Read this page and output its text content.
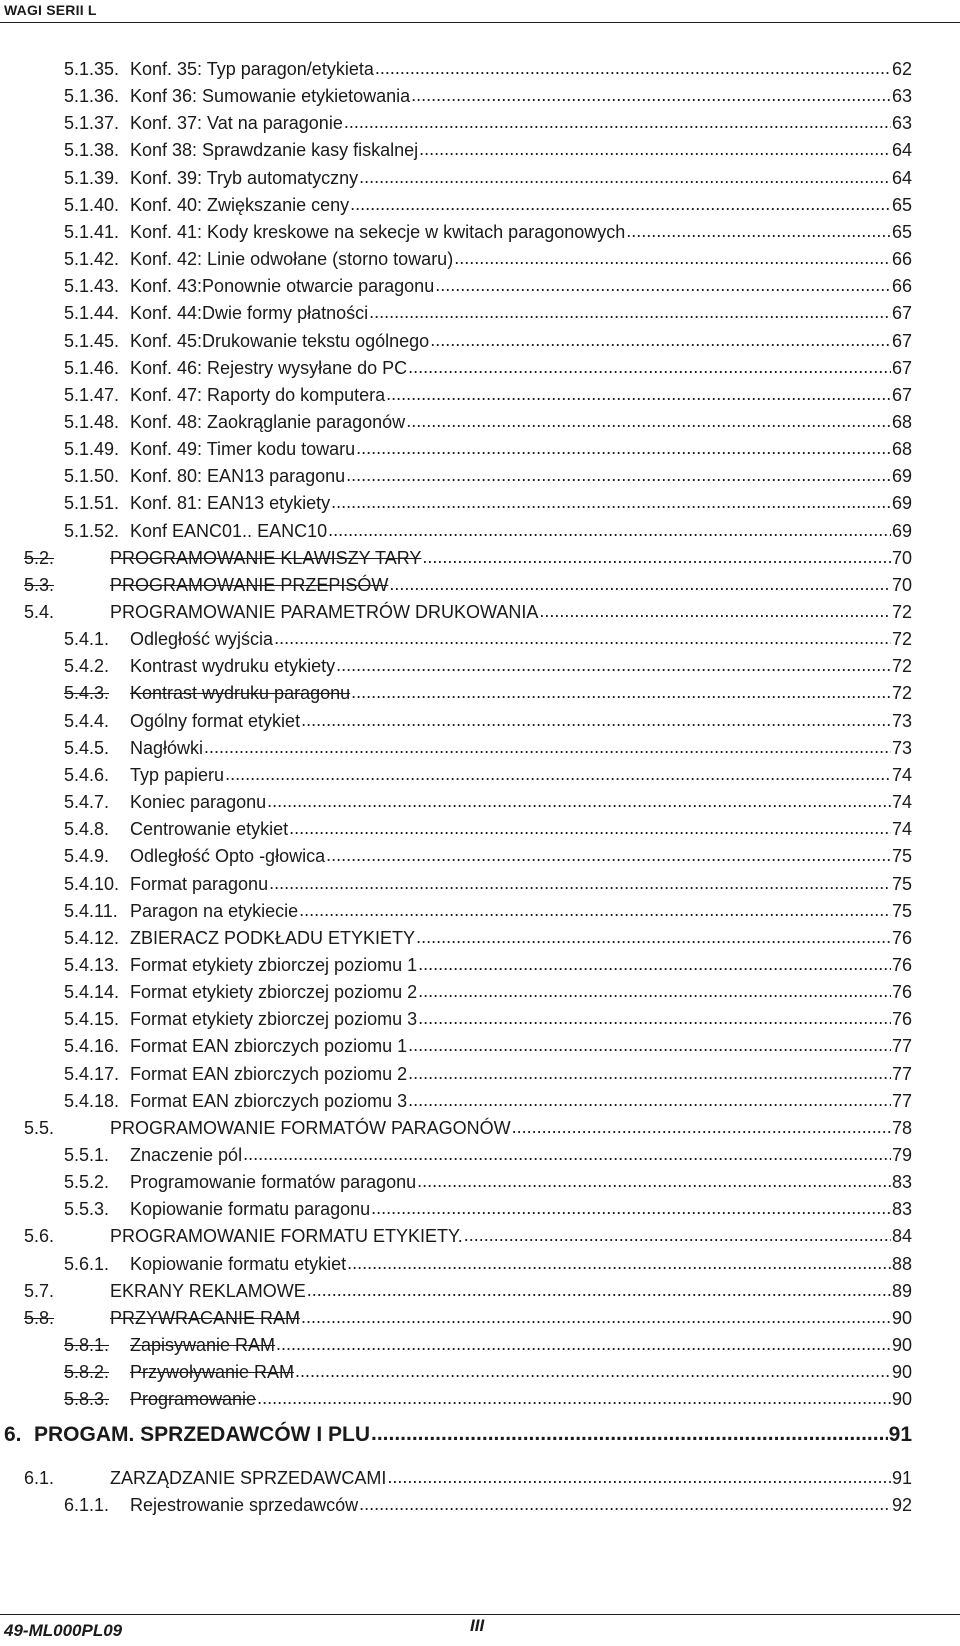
WAGI SERII L
5.1.35. Konf. 35: Typ paragon/etykieta .....	62
5.1.36. Konf 36: Sumowanie etykietowania .....	63
5.1.37. Konf. 37: Vat na paragonie .....	63
5.1.38. Konf 38: Sprawdzanie kasy fiskalnej .....	64
5.1.39. Konf. 39: Tryb automatyczny .....	64
5.1.40. Konf. 40: Zwiększanie ceny .....	65
5.1.41. Konf. 41: Kody kreskowe na sekecje w kwitach paragonowych .....	65
5.1.42. Konf. 42: Linie odwołane (storno towaru) .....	66
5.1.43. Konf. 43:Ponownie otwarcie paragonu .....	66
5.1.44. Konf. 44:Dwie formy płatności .....	67
5.1.45. Konf. 45:Drukowanie tekstu ogólnego .....	67
5.1.46. Konf. 46: Rejestry wysyłane do PC .....	67
5.1.47. Konf. 47: Raporty do komputera .....	67
5.1.48. Konf. 48: Zaokrąglanie paragonów .....	68
5.1.49. Konf. 49: Timer kodu towaru .....	68
5.1.50. Konf. 80: EAN13 paragonu .....	69
5.1.51. Konf. 81: EAN13 etykiety .....	69
5.1.52. Konf EANC01.. EANC10 .....	69
5.2.	PROGRAMOWANIE KLAWISZY TARY .....	70
5.3.	PROGRAMOWANIE PRZEPISÓW .....	70
5.4.	PROGRAMOWANIE PARAMETRÓW DRUKOWANIA .....	72
5.4.1.	Odległość wyjścia .....	72
5.4.2.	Kontrast wydruku etykiety .....	72
5.4.3.	Kontrast wydruku paragonu .....	72
5.4.4.	Ogólny format etykiet .....	73
5.4.5.	Nagłówki .....	73
5.4.6.	Typ papieru .....	74
5.4.7.	Koniec paragonu .....	74
5.4.8.	Centrowanie etykiet .....	74
5.4.9.	Odległość Opto -głowica .....	75
5.4.10. Format paragonu .....	75
5.4.11. Paragon na etykiecie .....	75
5.4.12. ZBIERACZ PODKŁADU ETYKIETY .....	76
5.4.13. Format etykiety zbiorczej poziomu 1 .....	76
5.4.14. Format etykiety zbiorczej poziomu 2 .....	76
5.4.15. Format etykiety zbiorczej poziomu 3 .....	76
5.4.16. Format EAN zbiorczych poziomu 1 .....	77
5.4.17. Format EAN zbiorczych poziomu 2 .....	77
5.4.18. Format EAN zbiorczych poziomu 3 .....	77
5.5.	PROGRAMOWANIE FORMATÓW PARAGONÓW .....	78
5.5.1.	Znaczenie pól .....	79
5.5.2.	Programowanie formatów paragonu .....	83
5.5.3.	Kopiowanie formatu paragonu .....	83
5.6.	PROGRAMOWANIE FORMATU ETYKIETY. .....	84
5.6.1.	Kopiowanie formatu etykiet .....	88
5.7.	EKRANY REKLAMOWE .....	89
5.8.	PRZYWRACANIE RAM .....	90
5.8.1.	Zapisywanie RAM .....	90
5.8.2.	Przywoływanie RAM .....	90
5.8.3.	Programowanie .....	90
6. PROGAM. SPRZEDAWCÓW I PLU .....	91
6.1.	ZARZĄDZANIE SPRZEDAWCAMI .....	91
6.1.1.	Rejestrowanie sprzedawców .....	92
49-ML000PL09	III
